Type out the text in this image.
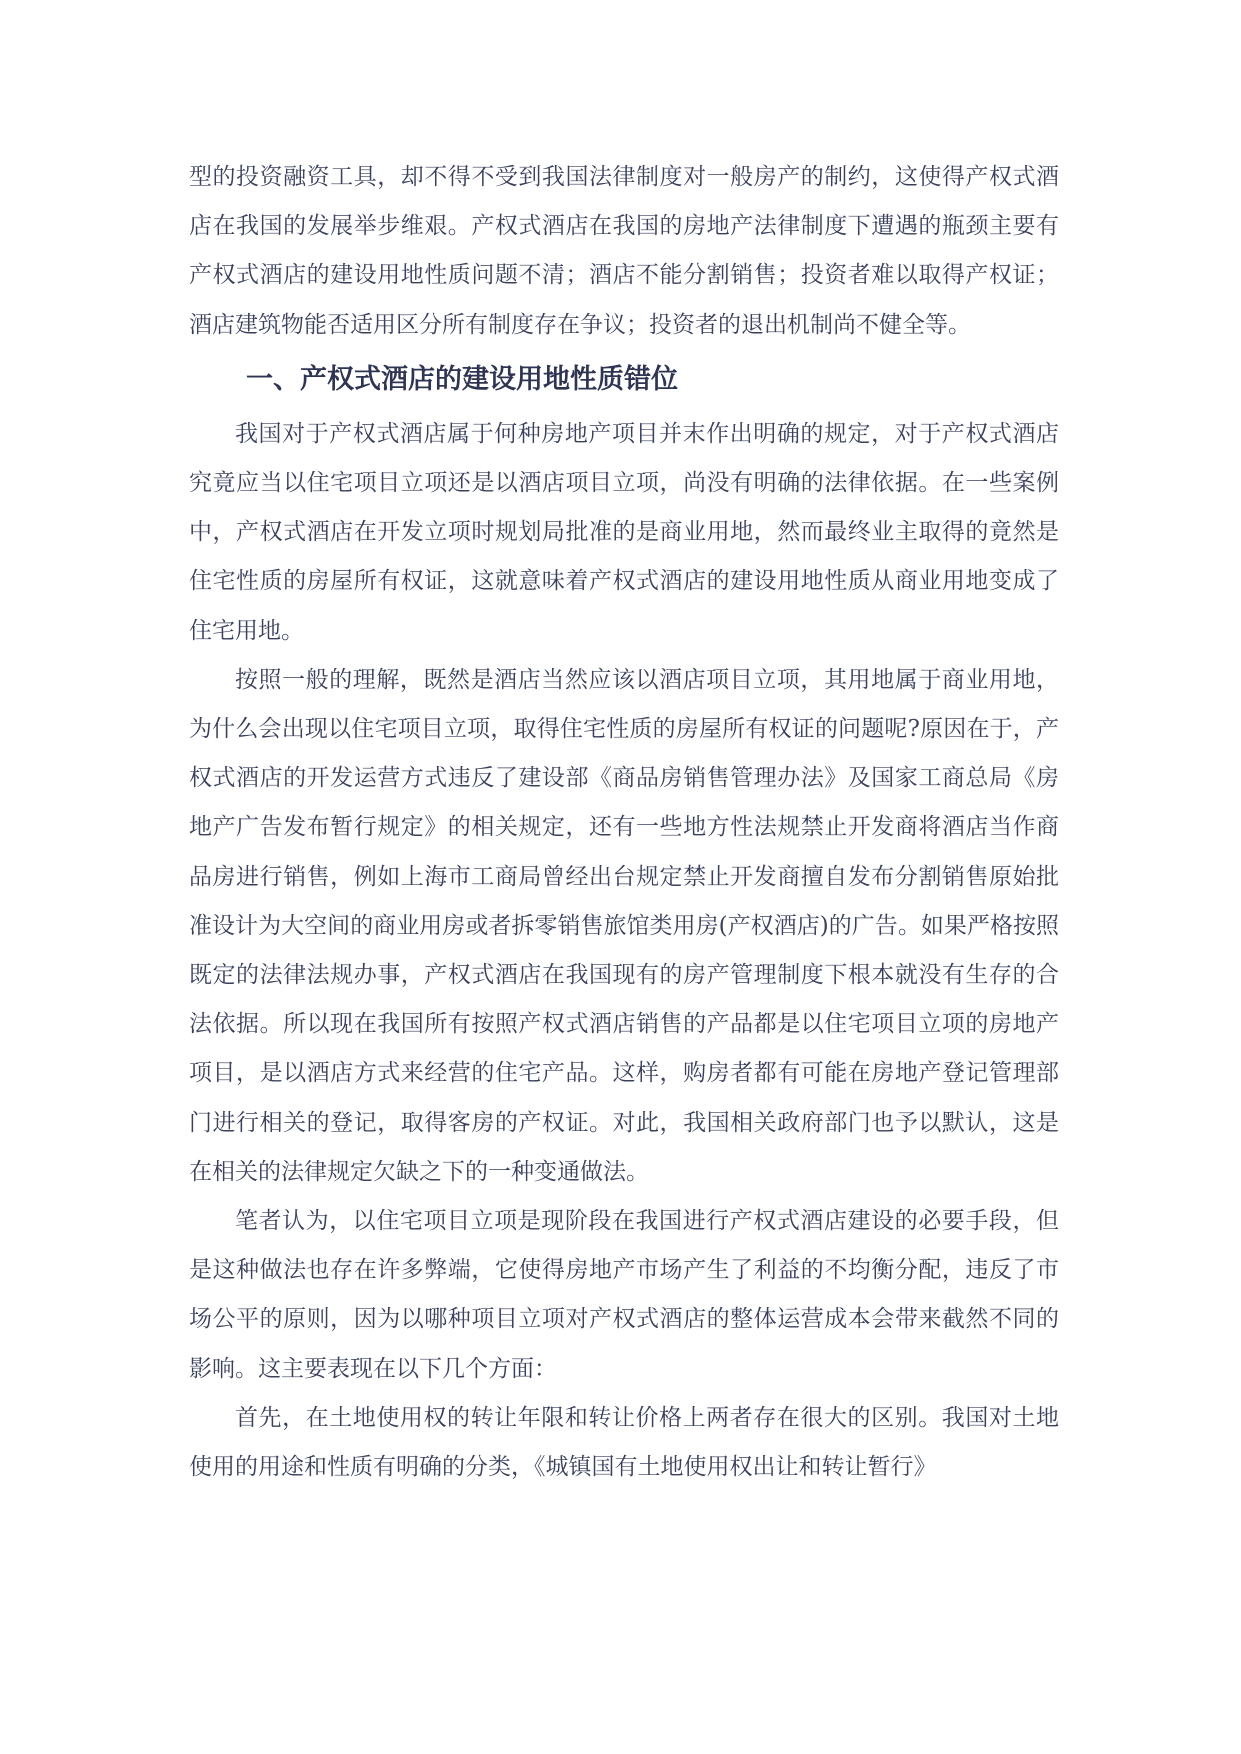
型的投资融资工具，却不得不受到我国法律制度对一般房产的制约，这使得产权式酒店在我国的发展举步维艰。产权式酒店在我国的房地产法律制度下遭遇的瓶颈主要有产权式酒店的建设用地性质问题不清；酒店不能分割销售；投资者难以取得产权证；酒店建筑物能否适用区分所有制度存在争议；投资者的退出机制尚不健全等。

一、产权式酒店的建设用地性质错位

我国对于产权式酒店属于何种房地产项目并末作出明确的规定，对于产权式酒店究竟应当以住宅项目立项还是以酒店项目立项，尚没有明确的法律依据。在一些案例中，产权式酒店在开发立项时规划局批准的是商业用地，然而最终业主取得的竟然是住宅性质的房屋所有权证，这就意味着产权式酒店的建设用地性质从商业用地变成了住宅用地。

按照一般的理解，既然是酒店当然应该以酒店项目立项，其用地属于商业用地，为什么会出现以住宅项目立项，取得住宅性质的房屋所有权证的问题呢?原因在于，产权式酒店的开发运营方式违反了建设部《商品房销售管理办法》及国家工商总局《房地产广告发布暂行规定》的相关规定，还有一些地方性法规禁止开发商将酒店当作商品房进行销售，例如上海市工商局曾经出台规定禁止开发商擅自发布分割销售原始批准设计为大空间的商业用房或者拆零销售旅馆类用房(产权酒店)的广告。如果严格按照既定的法律法规办事，产权式酒店在我国现有的房产管理制度下根本就没有生存的合法依据。所以现在我国所有按照产权式酒店销售的产品都是以住宅项目立项的房地产项目，是以酒店方式来经营的住宅产品。这样，购房者都有可能在房地产登记管理部门进行相关的登记，取得客房的产权证。对此，我国相关政府部门也予以默认，这是在相关的法律规定欠缺之下的一种变通做法。

笔者认为，以住宅项目立项是现阶段在我国进行产权式酒店建设的必要手段，但是这种做法也存在许多弊端，它使得房地产市场产生了利益的不均衡分配，违反了市场公平的原则，因为以哪种项目立项对产权式酒店的整体运营成本会带来截然不同的影响。这主要表现在以下几个方面：

首先，在土地使用权的转让年限和转让价格上两者存在很大的区别。我国对土地使用的用途和性质有明确的分类，《城镇国有土地使用权出让和转让暂行》
